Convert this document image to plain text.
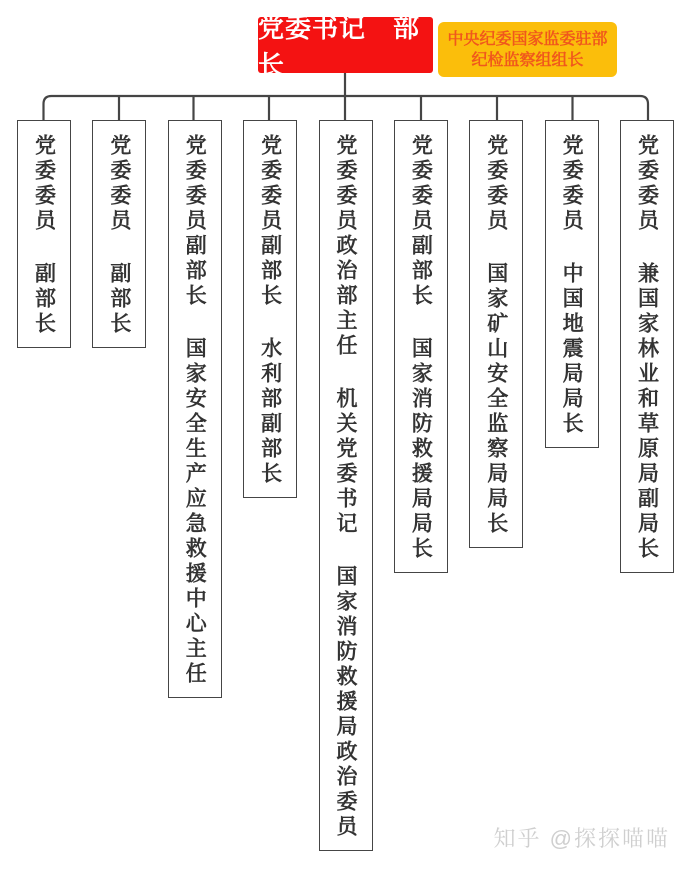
党委书记　部长
中央纪委国家监委驻部
纪检监察组组长
党委委员
副部长
党委委员
副部长 党委委员副部长
国家安全生产应急救援中心主任
党委委员副部长
水利部副部长
党委委员政治部主任
机关党委书记
国家消防救援局政治委员
党委委员副部长
国家消防救援局局长
党委委员
国家矿山安全监察局局长
党委委员
中国地震局局长
党委委员
兼国家林业和草原局副局长
知乎 @探探喵喵
